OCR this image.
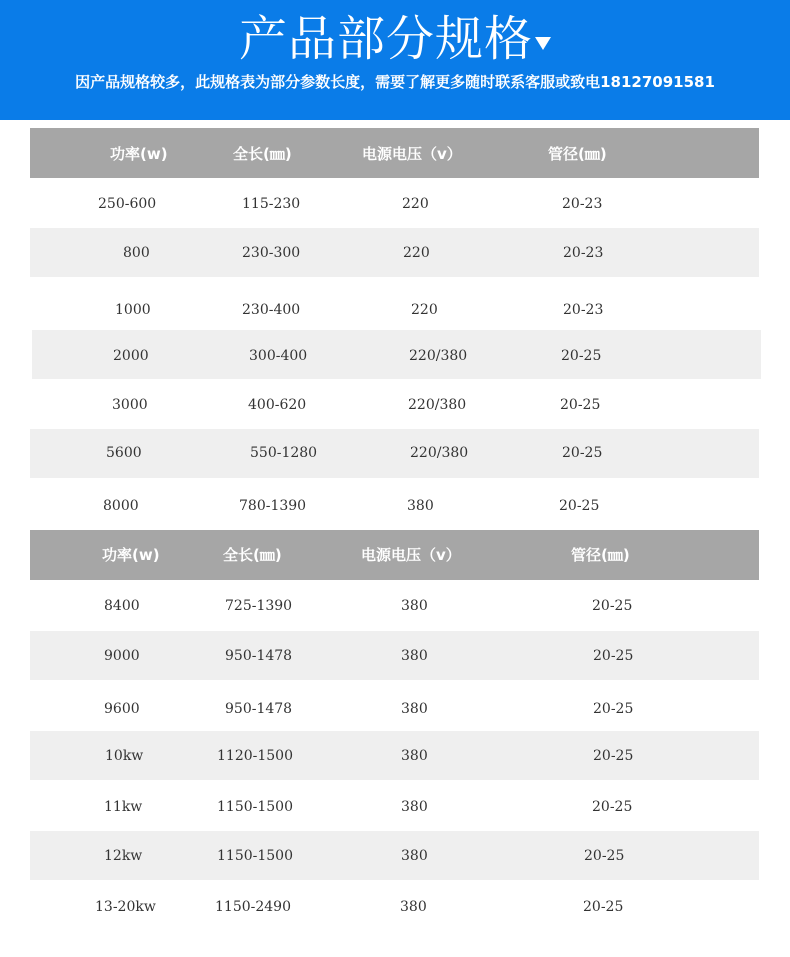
产品部分规格
因产品规格较多，此规格表为部分参数长度，需要了解更多随时联系客服或致电18127091581
功率(w)	全长(㎜)	电源电压（v）	管径(㎜)
250-600	115-230	220	20-23
800	230-300	220	20-23
1000	230-400	220	20-23
2000	300-400	220/380	20-25
3000	400-620	220/380	20-25
5600	550-1280	220/380	20-25
8000	780-1390	380	20-25
功率(w)	全长(㎜)	电源电压（v）	管径(㎜)
8400	725-1390	380	20-25
9000	950-1478	380	20-25
9600	950-1478	380	20-25
10kw	1120-1500	380	20-25
11kw	1150-1500	380	20-25
12kw	1150-1500	380	20-25
13-20kw	1150-2490	380	20-25
